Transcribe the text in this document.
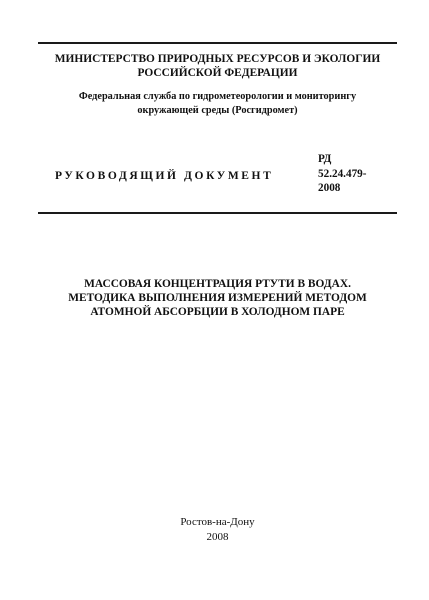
МИНИСТЕРСТВО ПРИРОДНЫХ РЕСУРСОВ И ЭКОЛОГИИ
РОССИЙСКОЙ ФЕДЕРАЦИИ
Федеральная служба по гидрометеорологии и мониторингу
окружающей среды (Росгидромет)
РУКОВОДЯЩИЙ ДОКУМЕНТ
РД
52.24.479-
2008
МАССОВАЯ КОНЦЕНТРАЦИЯ РТУТИ В ВОДАХ.
МЕТОДИКА ВЫПОЛНЕНИЯ ИЗМЕРЕНИЙ МЕТОДОМ
АТОМНОЙ АБСОРБЦИИ В ХОЛОДНОМ ПАРЕ
Ростов-на-Дону
2008
